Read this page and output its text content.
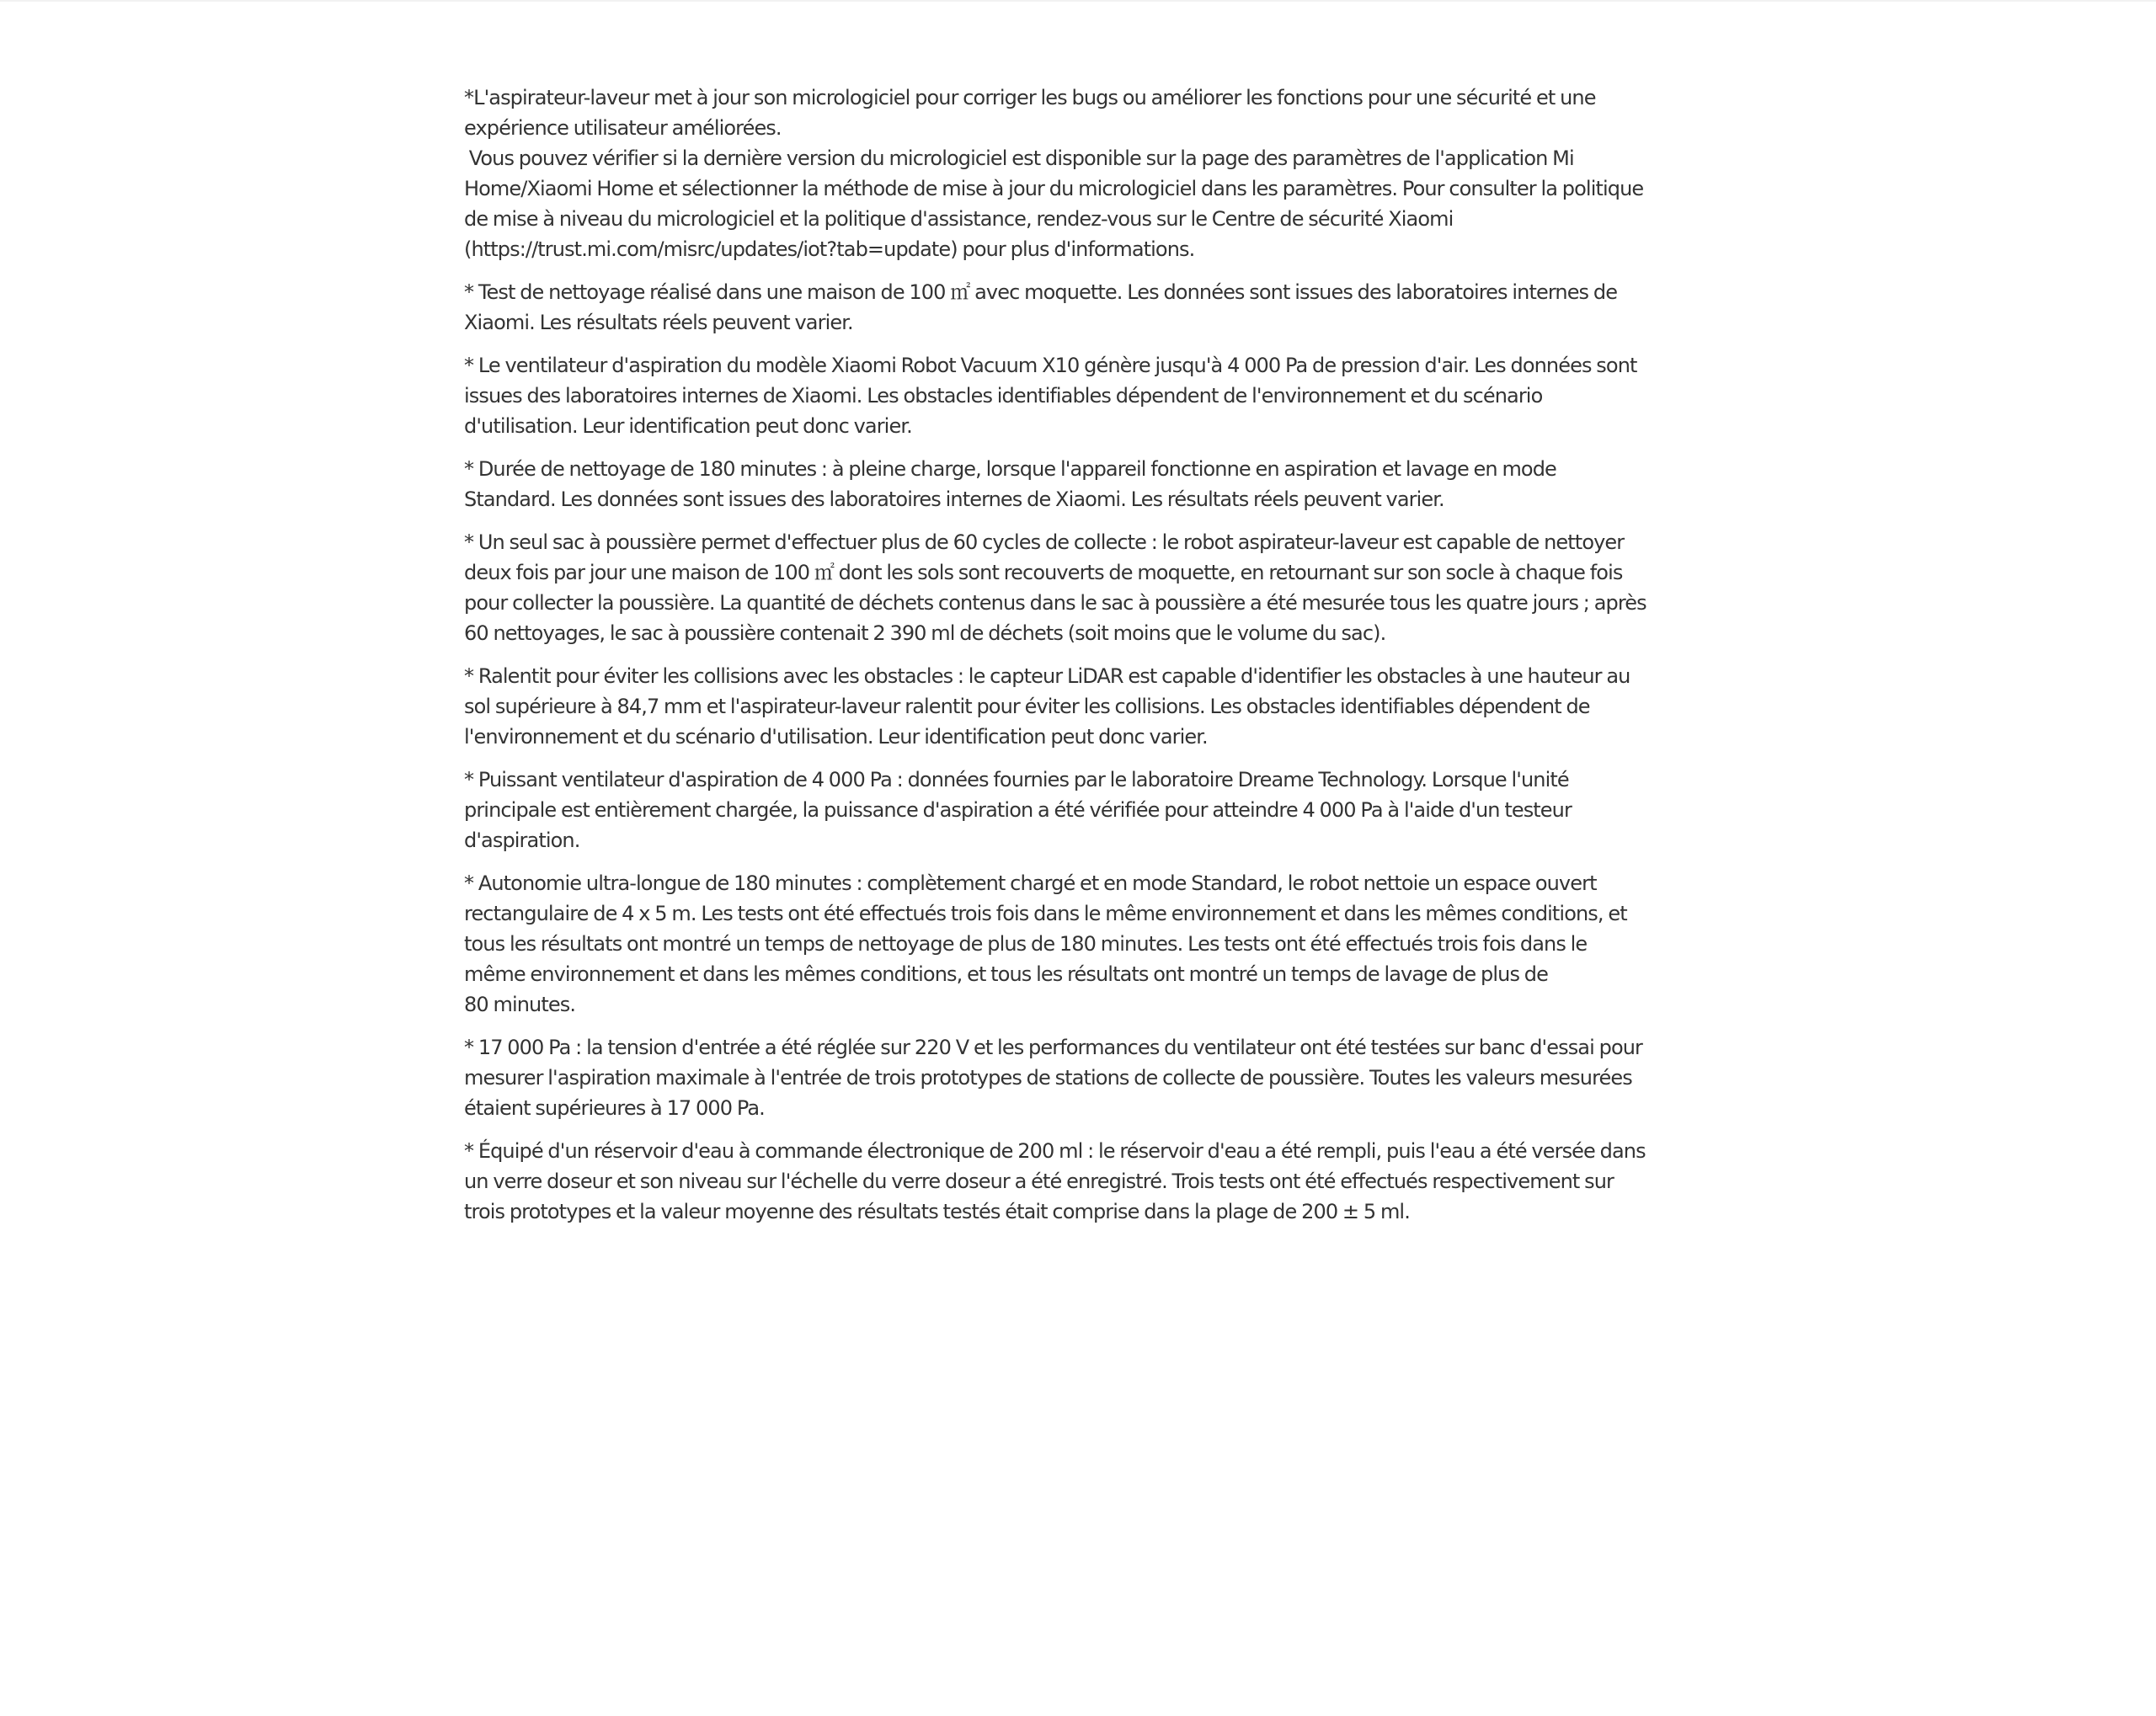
*L'aspirateur-laveur met à jour son micrologiciel pour corriger les bugs ou améliorer les fonctions pour une sécurité et une
expérience utilisateur améliorées.
Vous pouvez vérifier si la dernière version du micrologiciel est disponible sur la page des paramètres de l'application Mi
Home/Xiaomi Home et sélectionner la méthode de mise à jour du micrologiciel dans les paramètres. Pour consulter la politique
de mise à niveau du micrologiciel et la politique d'assistance, rendez-vous sur le Centre de sécurité Xiaomi
(https://trust.mi.com/misrc/updates/iot?tab=update) pour plus d'informations.

* Test de nettoyage réalisé dans une maison de 100 ㎡ avec moquette. Les données sont issues des laboratoires internes de
Xiaomi. Les résultats réels peuvent varier.

* Le ventilateur d'aspiration du modèle Xiaomi Robot Vacuum X10 génère jusqu'à 4 000 Pa de pression d'air. Les données sont
issues des laboratoires internes de Xiaomi. Les obstacles identifiables dépendent de l'environnement et du scénario
d'utilisation. Leur identification peut donc varier.

* Durée de nettoyage de 180 minutes : à pleine charge, lorsque l'appareil fonctionne en aspiration et lavage en mode
Standard. Les données sont issues des laboratoires internes de Xiaomi. Les résultats réels peuvent varier.

* Un seul sac à poussière permet d'effectuer plus de 60 cycles de collecte : le robot aspirateur-laveur est capable de nettoyer
deux fois par jour une maison de 100 ㎡ dont les sols sont recouverts de moquette, en retournant sur son socle à chaque fois
pour collecter la poussière. La quantité de déchets contenus dans le sac à poussière a été mesurée tous les quatre jours ; après
60 nettoyages, le sac à poussière contenait 2 390 ml de déchets (soit moins que le volume du sac).

* Ralentit pour éviter les collisions avec les obstacles : le capteur LiDAR est capable d'identifier les obstacles à une hauteur au
sol supérieure à 84,7 mm et l'aspirateur-laveur ralentit pour éviter les collisions. Les obstacles identifiables dépendent de
l'environnement et du scénario d'utilisation. Leur identification peut donc varier.

* Puissant ventilateur d'aspiration de 4 000 Pa : données fournies par le laboratoire Dreame Technology. Lorsque l'unité
principale est entièrement chargée, la puissance d'aspiration a été vérifiée pour atteindre 4 000 Pa à l'aide d'un testeur
d'aspiration.

* Autonomie ultra-longue de 180 minutes : complètement chargé et en mode Standard, le robot nettoie un espace ouvert
rectangulaire de 4 x 5 m. Les tests ont été effectués trois fois dans le même environnement et dans les mêmes conditions, et
tous les résultats ont montré un temps de nettoyage de plus de 180 minutes. Les tests ont été effectués trois fois dans le
même environnement et dans les mêmes conditions, et tous les résultats ont montré un temps de lavage de plus de
80 minutes.

* 17 000 Pa : la tension d'entrée a été réglée sur 220 V et les performances du ventilateur ont été testées sur banc d'essai pour
mesurer l'aspiration maximale à l'entrée de trois prototypes de stations de collecte de poussière. Toutes les valeurs mesurées
étaient supérieures à 17 000 Pa.

* Équipé d'un réservoir d'eau à commande électronique de 200 ml : le réservoir d'eau a été rempli, puis l'eau a été versée dans
un verre doseur et son niveau sur l'échelle du verre doseur a été enregistré. Trois tests ont été effectués respectivement sur
trois prototypes et la valeur moyenne des résultats testés était comprise dans la plage de 200 ± 5 ml.
